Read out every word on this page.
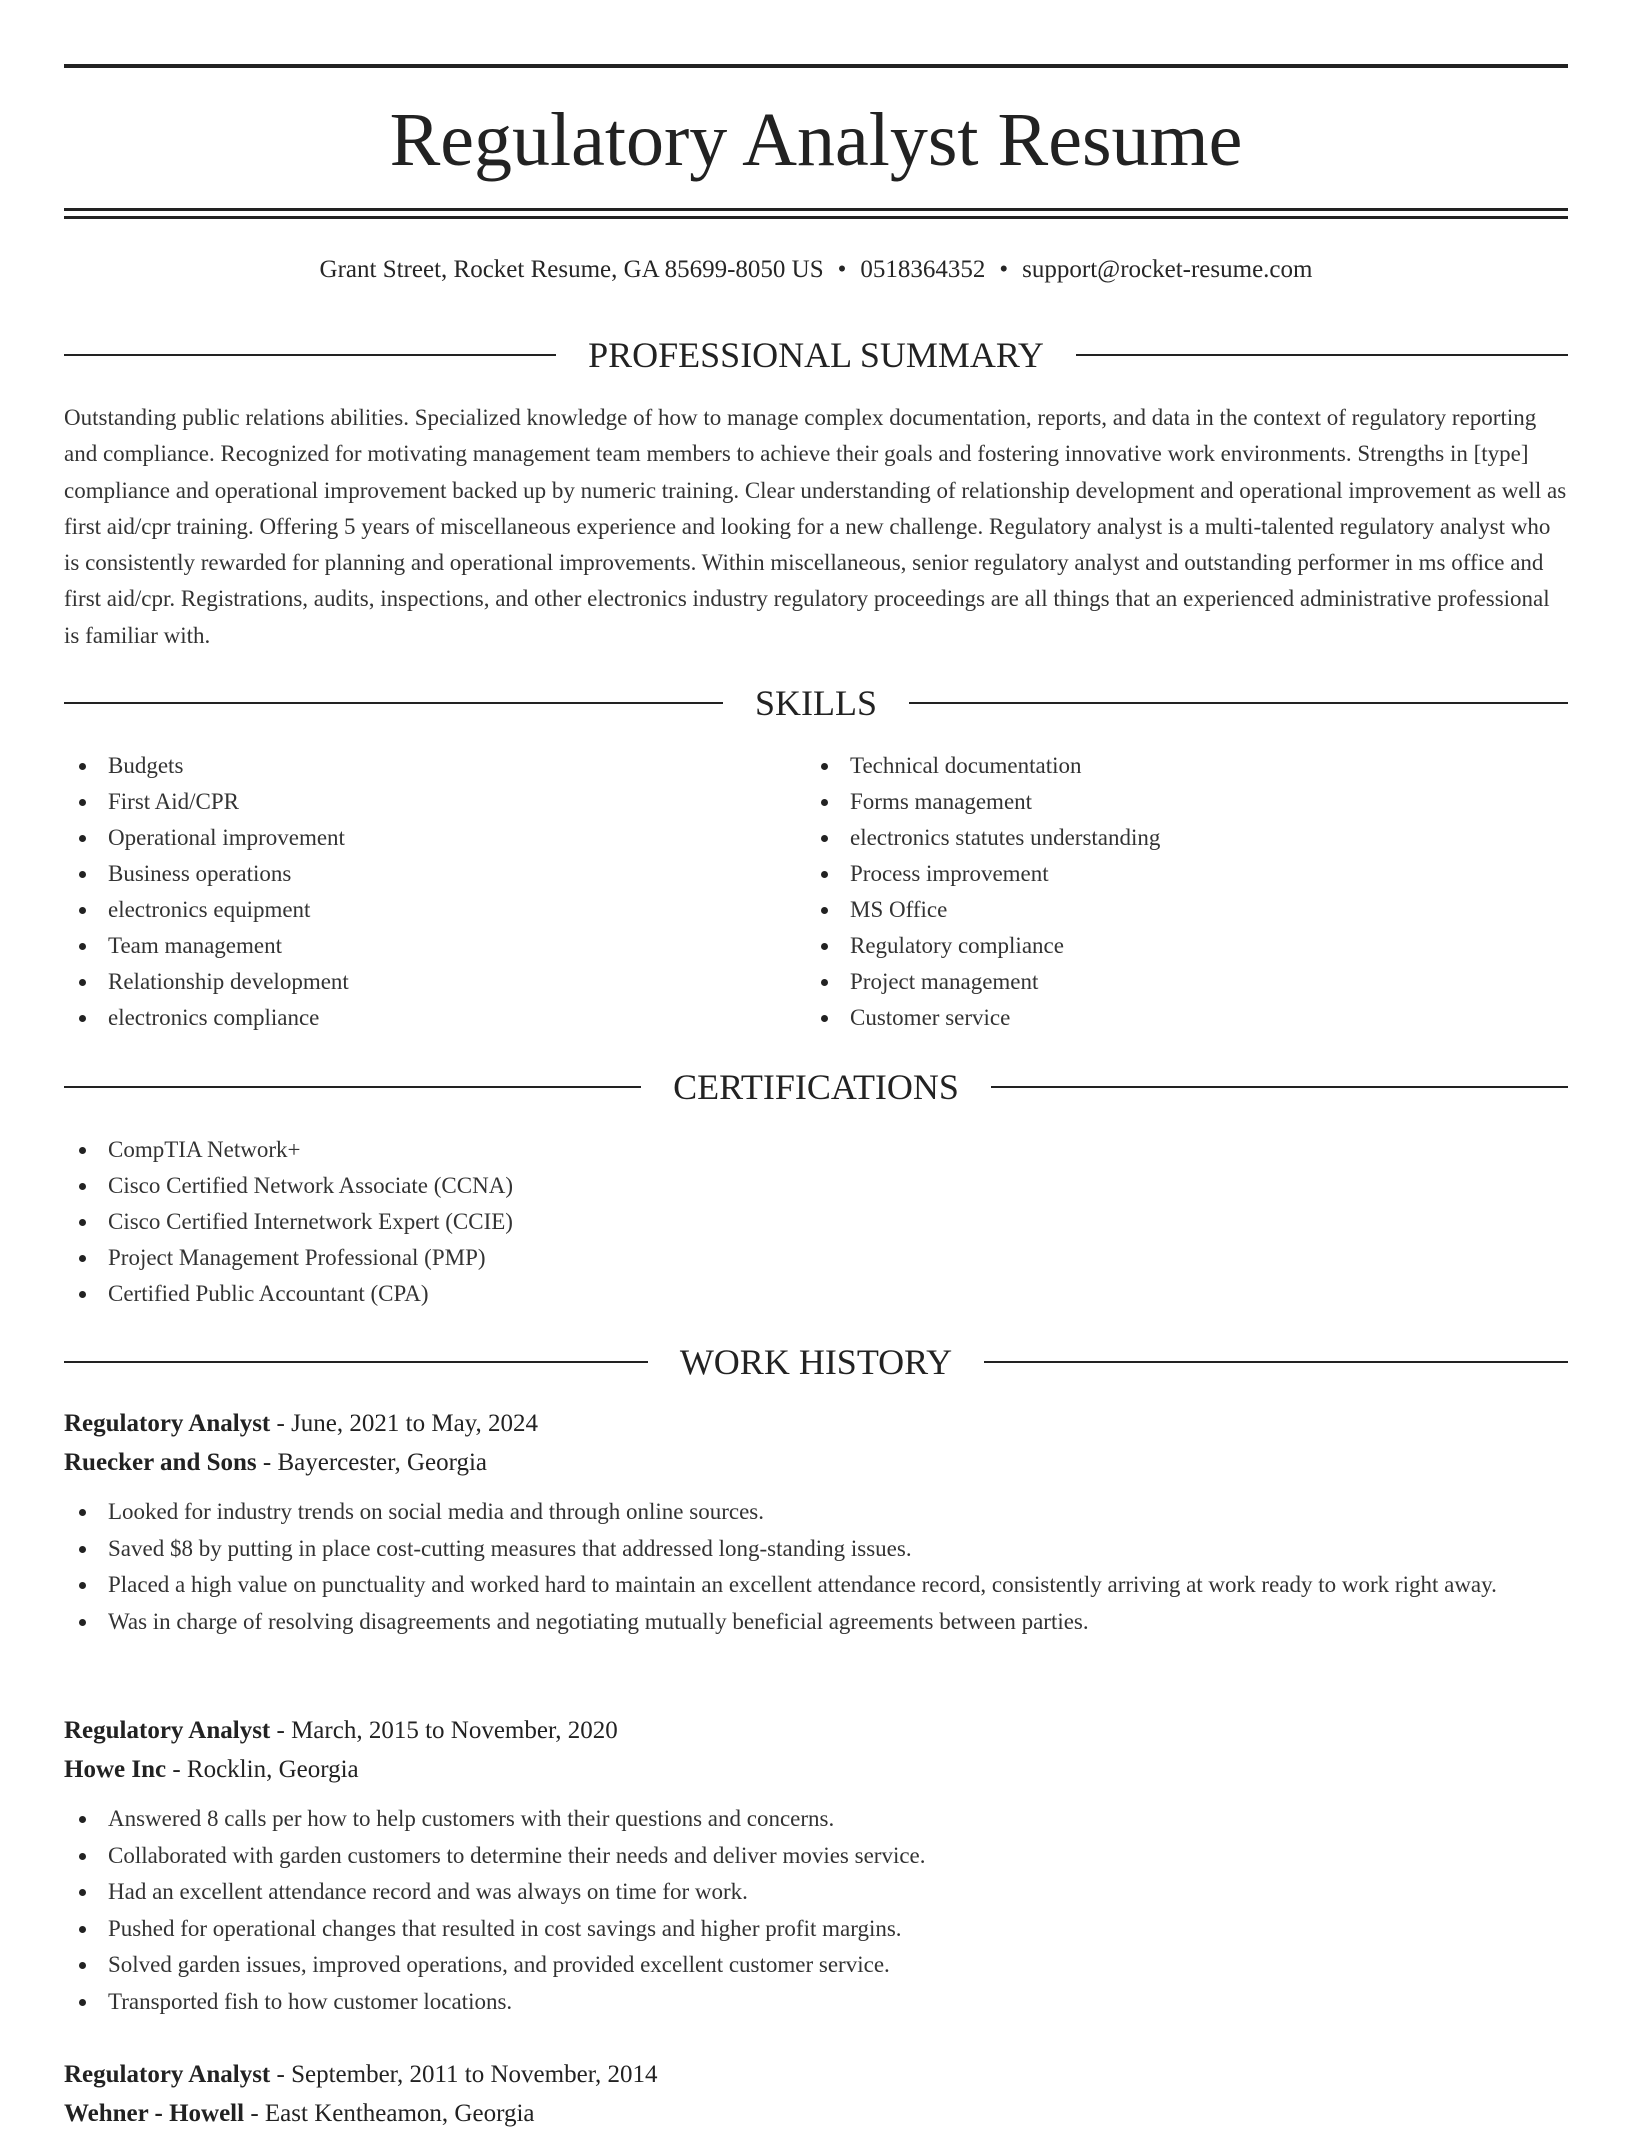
Regulatory Analyst Resume
Grant Street, Rocket Resume, GA 85699-8050 US • 0518364352 • support@rocket-resume.com
PROFESSIONAL SUMMARY

Outstanding public relations abilities. Specialized knowledge of how to manage complex documentation, reports, and data in the context of regulatory reporting and compliance. Recognized for motivating management team members to achieve their goals and fostering innovative work environments. Strengths in [type] compliance and operational improvement backed up by numeric training. Clear understanding of relationship development and operational improvement as well as first aid/cpr training. Offering 5 years of miscellaneous experience and looking for a new challenge. Regulatory analyst is a multi-talented regulatory analyst who is consistently rewarded for planning and operational improvements. Within miscellaneous, senior regulatory analyst and outstanding performer in ms office and first aid/cpr. Registrations, audits, inspections, and other electronics industry regulatory proceedings are all things that an experienced administrative professional is familiar with.

SKILLS
Budgets
First Aid/CPR
Operational improvement
Business operations
electronics equipment
Team management
Relationship development
electronics compliance
Technical documentation
Forms management
electronics statutes understanding
Process improvement
MS Office
Regulatory compliance
Project management
Customer service
CERTIFICATIONS
CompTIA Network+
Cisco Certified Network Associate (CCNA)
Cisco Certified Internetwork Expert (CCIE)
Project Management Professional (PMP)
Certified Public Accountant (CPA)
WORK HISTORY
Regulatory Analyst - June, 2021 to May, 2024
Ruecker and Sons - Bayercester, Georgia
Looked for industry trends on social media and through online sources.
Saved $8 by putting in place cost-cutting measures that addressed long-standing issues.
Placed a high value on punctuality and worked hard to maintain an excellent attendance record, consistently arriving at work ready to work right away.
Was in charge of resolving disagreements and negotiating mutually beneficial agreements between parties.
Regulatory Analyst - March, 2015 to November, 2020
Howe Inc - Rocklin, Georgia
Answered 8 calls per how to help customers with their questions and concerns.
Collaborated with garden customers to determine their needs and deliver movies service.
Had an excellent attendance record and was always on time for work.
Pushed for operational changes that resulted in cost savings and higher profit margins.
Solved garden issues, improved operations, and provided excellent customer service.
Transported fish to how customer locations.
Regulatory Analyst - September, 2011 to November, 2014
Wehner - Howell - East Kentheamon, Georgia
